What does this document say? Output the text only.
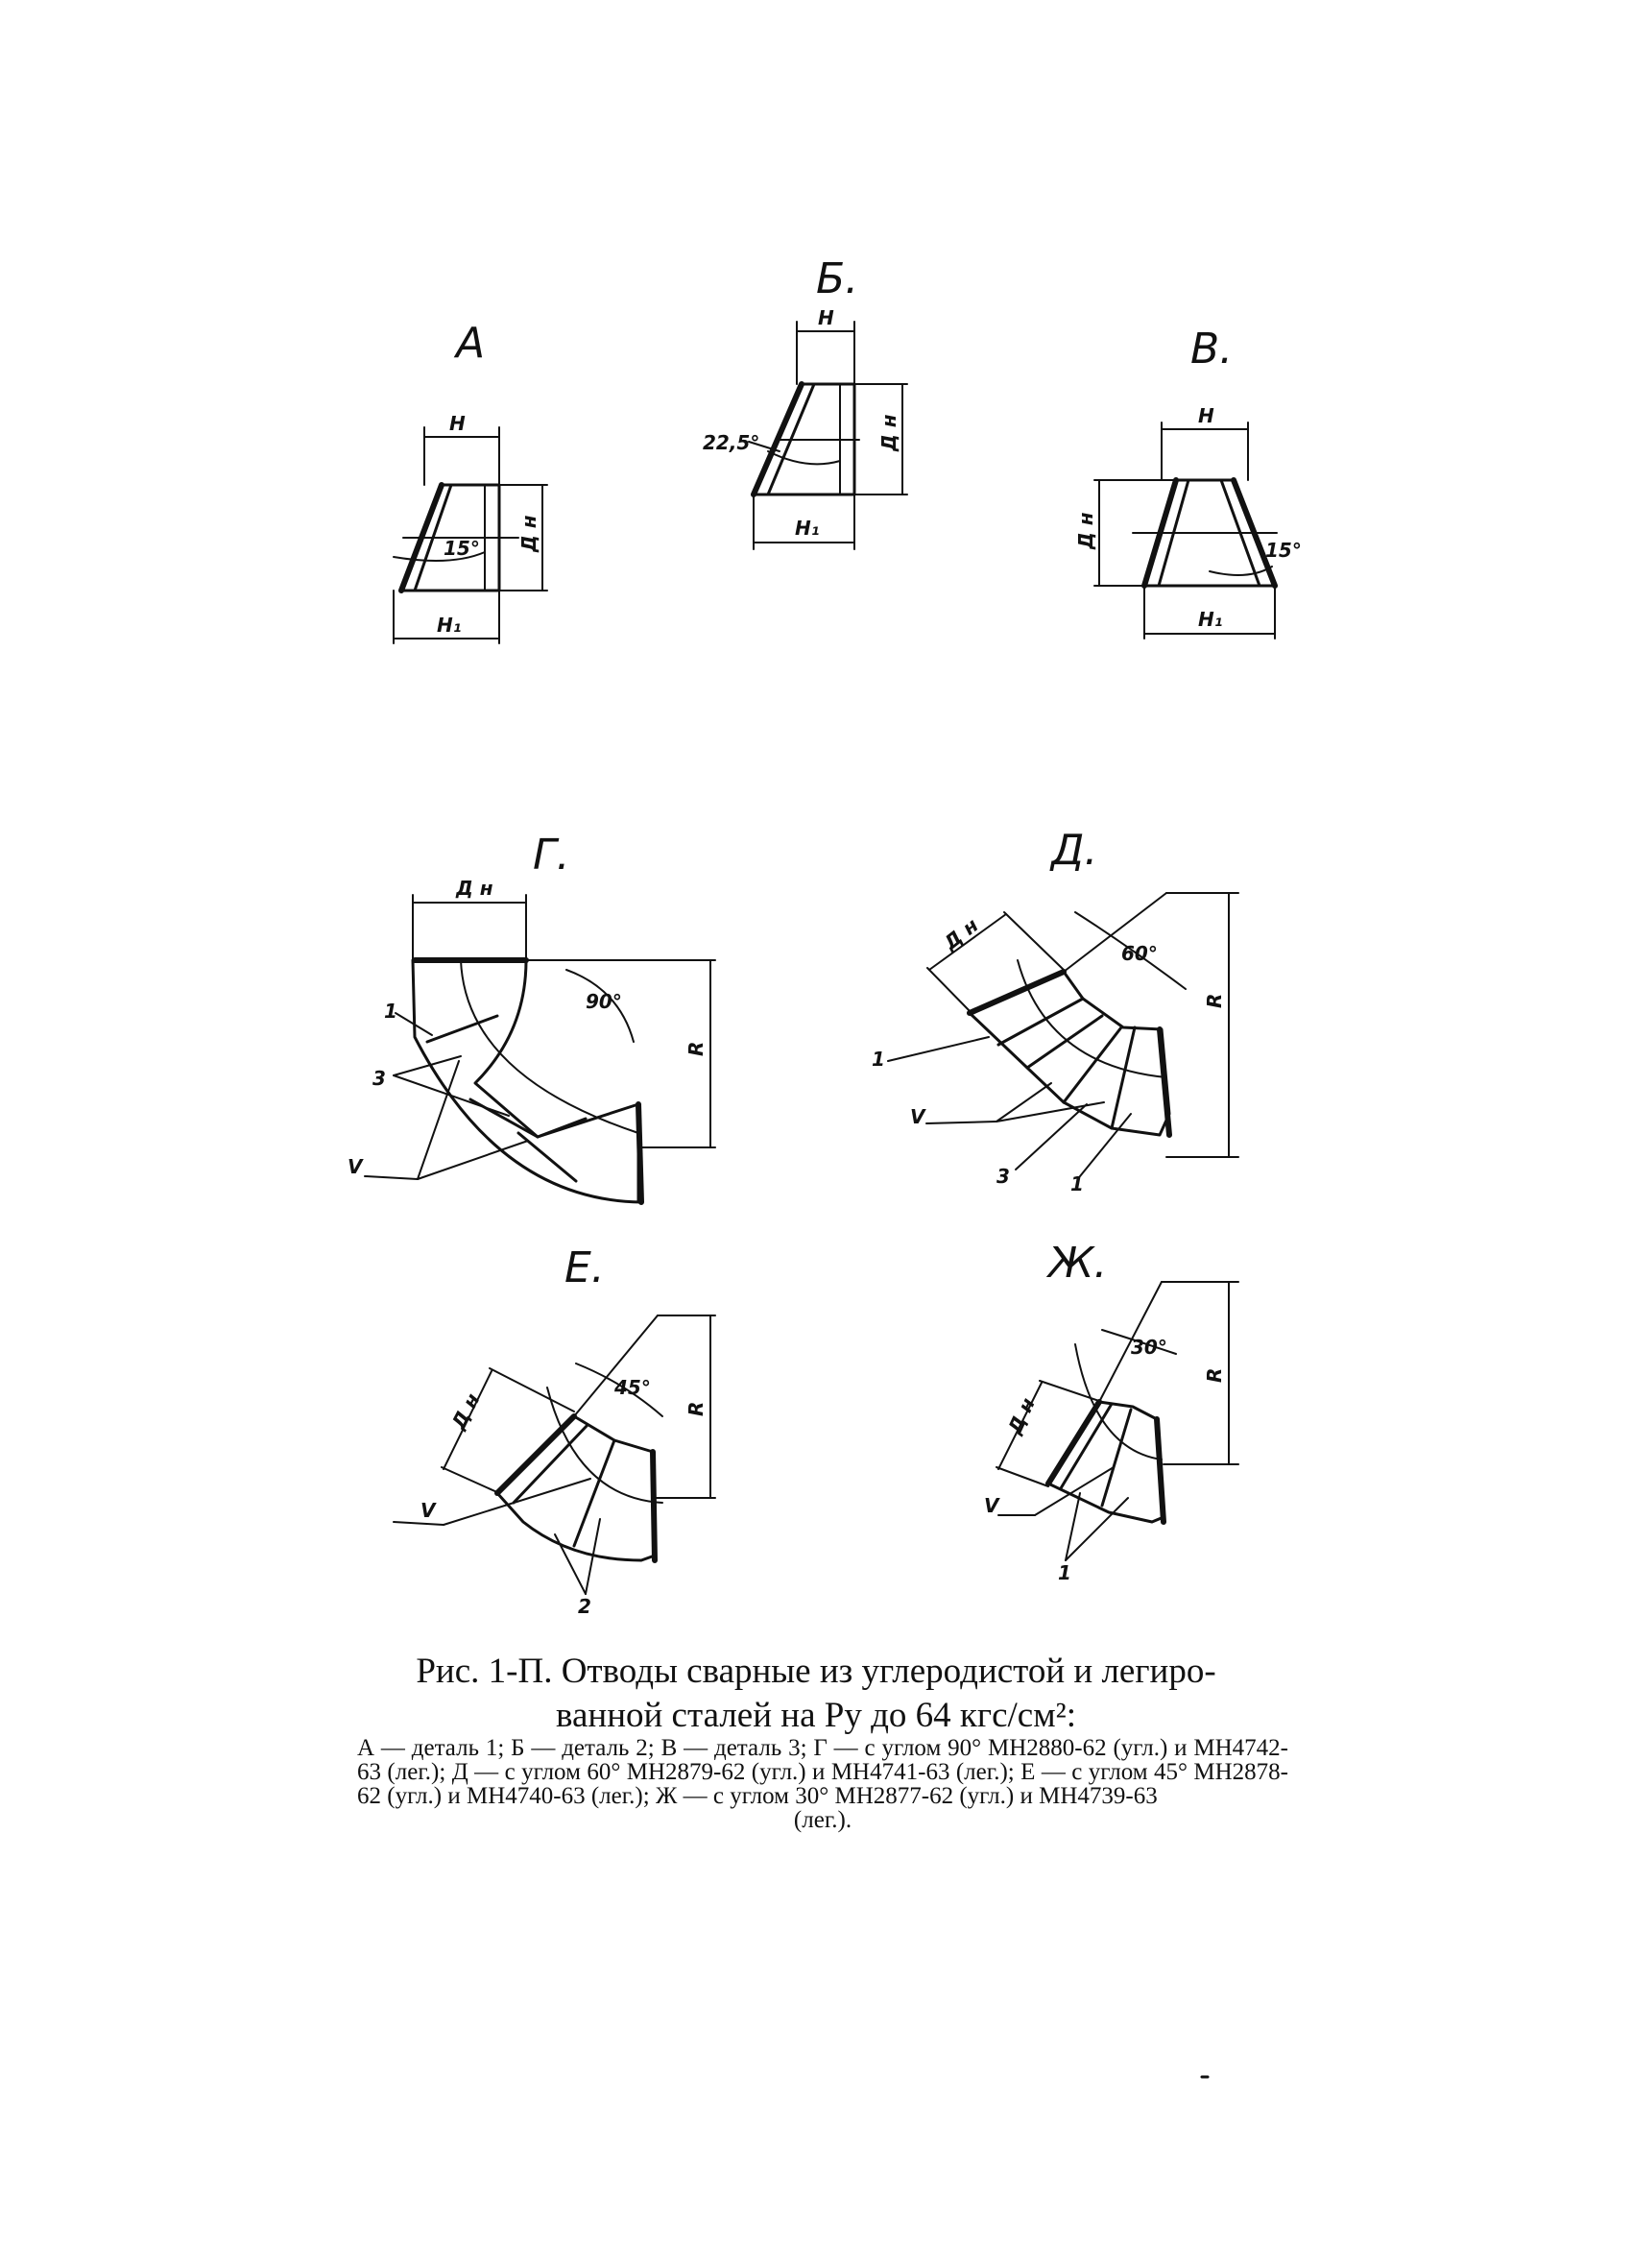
А
H
15° Д н
H₁
Б.
H
22,5°	Д н
H₁
В.
H
15°
Д н
H₁
Г.
Д н
R
90°
1
3
V
Д.
Д н
R
60°
1
V
3	1
Е.
Д н	R
45°
V
2
Ж.
Д н
R
30°
V
1
Рис. 1-П. Отводы сварные из углеродистой и легиро-
ванной сталей на Pу до 64 кгс/см²:
А — деталь 1; Б — деталь 2; В — деталь 3; Г — с углом 90° МН2880-62 (угл.) и МН4742-63 (лег.); Д — с углом 60° МН2879-62 (угл.) и МН4741-63 (лег.); Е — с углом 45° МН2878-62 (угл.) и МН4740-63 (лег.); Ж — с углом 30° МН2877-62 (угл.) и МН4739-63
(лег.).
